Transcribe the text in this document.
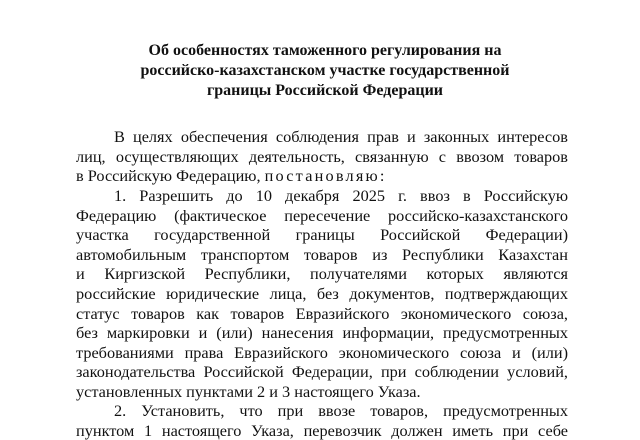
Об особенностях таможенного регулирования на
российско-казахстанском участке государственной
границы Российской Федерации
В целях обеспечения соблюдения прав и законных интересов
лиц, осуществляющих деятельность, связанную с ввозом товаров
в Российскую Федерацию, постановляю:
1. Разрешить до 10 декабря 2025 г. ввоз в Российскую
Федерацию (фактическое пересечение российско-казахстанского
участка государственной границы Российской Федерации)
автомобильным транспортом товаров из Республики Казахстан
и Киргизской Республики, получателями которых являются
российские юридические лица, без документов, подтверждающих
статус товаров как товаров Евразийского экономического союза,
без маркировки и (или) нанесения информации, предусмотренных
требованиями права Евразийского экономического союза и (или)
законодательства Российской Федерации, при соблюдении условий,
установленных пунктами 2 и 3 настоящего Указа.
2. Установить, что при ввозе товаров, предусмотренных
пунктом 1 настоящего Указа, перевозчик должен иметь при себе
